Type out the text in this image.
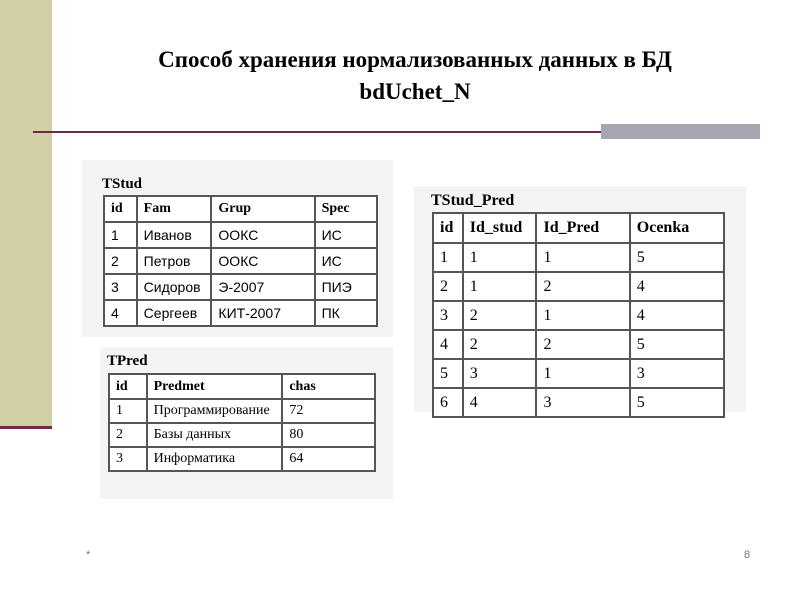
Способ хранения нормализованных данных в БД
bdUchet_N
TStud
id	Fam	Grup	Spec
1	Иванов	ООКС	ИС
2	Петров	ООКС	ИС
3	Сидоров	Э-2007	ПИЭ
4	Сергеев	КИТ-2007	ПК
TPred
id	Predmet	chas
1	Программирование	72
2	Базы данных	80
3	Информатика	64
TStud_Pred
id	Id_stud	Id_Pred	Ocenka
1	1	1	5
2	1	2	4
3	2	1	4
4	2	2	5
5	3	1	3
6	4	3	5
*	8
